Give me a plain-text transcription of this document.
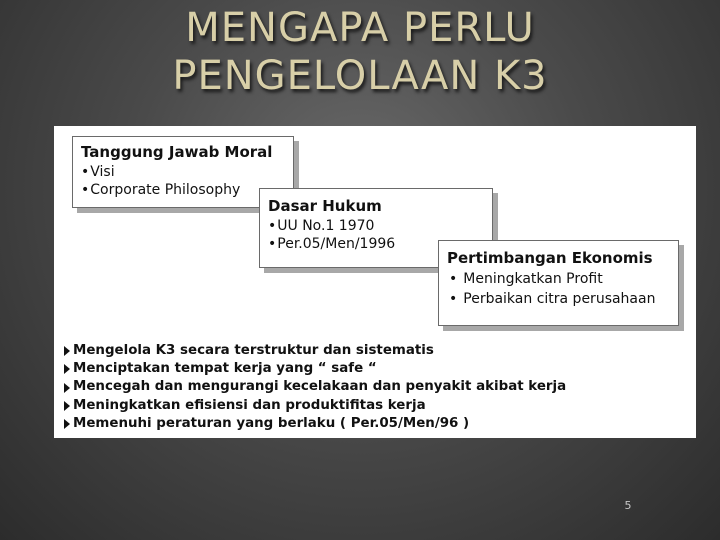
MENGAPA PERLU
PENGELOLAAN K3
Tanggung Jawab Moral
• Visi
• Corporate Philosophy
Dasar Hukum
• UU No.1 1970
• Per.05/Men/1996
Pertimbangan Ekonomis
• Meningkatkan Profit
• Perbaikan citra perusahaan
Mengelola K3 secara terstruktur dan sistematis
Menciptakan tempat kerja yang “ safe “
Mencegah dan mengurangi kecelakaan dan penyakit akibat kerja
Meningkatkan efisiensi dan produktifitas kerja
Memenuhi peraturan yang berlaku ( Per.05/Men/96 )
5
